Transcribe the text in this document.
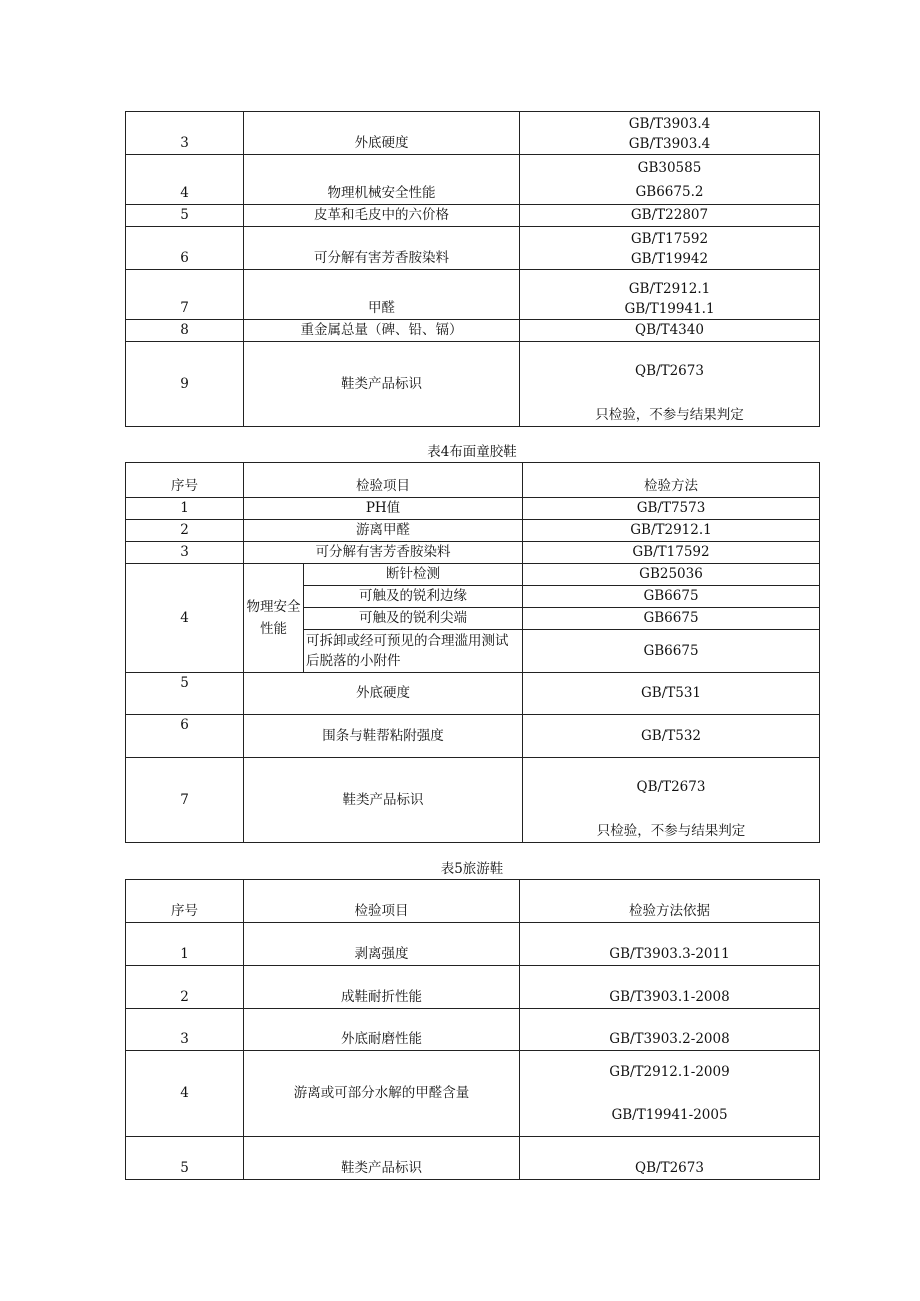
3	外底硬度	GB/T3903.4
GB/T3903.4

4	物理机械安全性能	GB30585
GB6675.2

5	皮革和毛皮中的六价格	GB/T22807
6	可分解有害芳香胺染料	GB/T17592
GB/T19942

7	甲醛	GB/T2912.1
GB/T19941.1

8	重金属总量（碑、铅、镉）	QB/T4340
9	鞋类产品标识	QB/T2673
只检验，不参与结果判定
表4布面童胶鞋
序号	检验项目		检验方法
1	PH值		GB/T7573
2	游离甲醛		GB/T2912.1
3	可分解有害芳香胺染料		GB/T17592
4	物理安全性能	断针检测	GB25036
		可触及的锐利边缘	GB6675
		可触及的锐利尖端	GB6675
		可拆卸或经可预见的合理滥用测试后脱落的小附件	GB6675
5	外底硬度		GB/T531
6	围条与鞋帮粘附强度		GB/T532
7	鞋类产品标识		QB/T2673
只检验，不参与结果判定
表5旅游鞋
序号	检验项目	检验方法依据
1	剥离强度	GB/T3903.3-2011
2	成鞋耐折性能	GB/T3903.1-2008
3	外底耐磨性能	GB/T3903.2-2008
4	游离或可部分水解的甲醛含量	GB/T2912.1-2009
GB/T19941-2005

5	鞋类产品标识	QB/T2673
